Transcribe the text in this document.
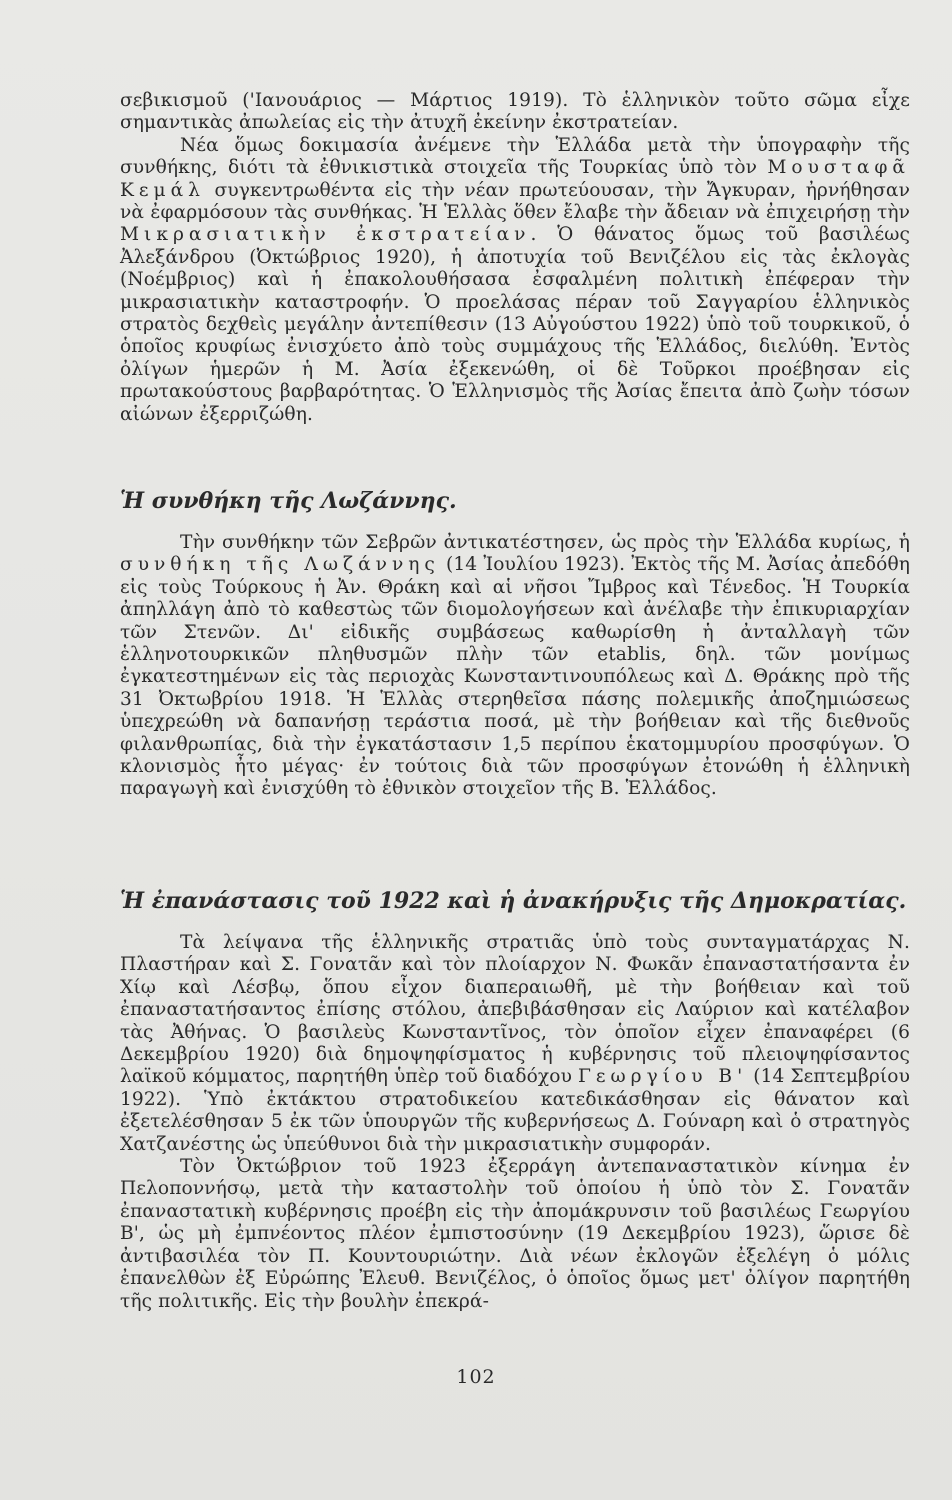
σεβικισμοῦ ('Ιανουάριος — Μάρτιος 1919). Τὸ ἑλληνικὸν τοῦτο σῶμα εἶχε σημαντικὰς ἀπωλείας εἰς τὴν ἀτυχῆ ἐκείνην ἐκστρατείαν.

Νέα ὅμως δοκιμασία ἀνέμενε τὴν Ἑλλάδα μετὰ τὴν ὑπογραφὴν τῆς συνθήκης, διότι τὰ ἐθνικιστικὰ στοιχεῖα τῆς Τουρκίας ὑπὸ τὸν Μουσταφᾶ Κεμάλ συγκεντρωθέντα εἰς τὴν νέαν πρωτεύουσαν, τὴν Ἄγκυραν, ἠρνήθησαν νὰ ἐφαρμόσουν τὰς συνθήκας. Ἡ Ἑλλὰς ὅθεν ἔλαβε τὴν ἄδειαν νὰ ἐπιχειρήσῃ τὴν Μικρασιατικὴν ἐκστρατείαν. Ὁ θάνατος ὅμως τοῦ βασιλέως Ἀλεξάνδρου (Ὀκτώβριος 1920), ἡ ἀποτυχία τοῦ Βενιζέλου εἰς τὰς ἐκλογὰς (Νοέμβριος) καὶ ἡ ἐπακολουθήσασα ἐσφαλμένη πολιτικὴ ἐπέφεραν τὴν μικρασιατικὴν καταστροφήν. Ὁ προελάσας πέραν τοῦ Σαγγαρίου ἑλληνικὸς στρατὸς δεχθεὶς μεγάλην ἀντεπίθεσιν (13 Αὐγούστου 1922) ὑπὸ τοῦ τουρκικοῦ, ὁ ὁποῖος κρυφίως ἐνισχύετο ἀπὸ τοὺς συμμάχους τῆς Ἑλλάδος, διελύθη. Ἐντὸς ὀλίγων ἡμερῶν ἡ Μ. Ἀσία ἐξεκενώθη, οἱ δὲ Τοῦρκοι προέβησαν εἰς πρωτακούστους βαρβαρότητας. Ὁ Ἑλληνισμὸς τῆς Ἀσίας ἔπειτα ἀπὸ ζωὴν τόσων αἰώνων ἐξερριζώθη.

Ἡ συνθήκη τῆς Λωζάννης.

Τὴν συνθήκην τῶν Σεβρῶν ἀντικατέστησεν, ὡς πρὸς τὴν Ἑλλάδα κυρίως, ἡ συνθήκη τῆς Λωζάννης (14 Ἰουλίου 1923). Ἐκτὸς τῆς Μ. Ἀσίας ἀπεδόθη εἰς τοὺς Τούρκους ἡ Ἀν. Θράκη καὶ αἱ νῆσοι Ἴμβρος καὶ Τένεδος. Ἡ Τουρκία ἀπηλλάγη ἀπὸ τὸ καθεστὼς τῶν διομολογήσεων καὶ ἀνέλαβε τὴν ἐπικυριαρχίαν τῶν Στενῶν. Δι' εἰδικῆς συμβάσεως καθωρίσθη ἡ ἀνταλλαγὴ τῶν ἑλληνοτουρκικῶν πληθυσμῶν πλὴν τῶν etablis, δηλ. τῶν μονίμως ἐγκατεστημένων εἰς τὰς περιοχὰς Κωνσταντινουπόλεως καὶ Δ. Θράκης πρὸ τῆς 31 Ὀκτωβρίου 1918. Ἡ Ἑλλὰς στερηθεῖσα πάσης πολεμικῆς ἀποζημιώσεως ὑπεχρεώθη νὰ δαπανήσῃ τεράστια ποσά, μὲ τὴν βοήθειαν καὶ τῆς διεθνοῦς φιλανθρωπίας, διὰ τὴν ἐγκατάστασιν 1,5 περίπου ἑκατομμυρίου προσφύγων. Ὁ κλονισμὸς ἦτο μέγας· ἐν τούτοις διὰ τῶν προσφύγων ἐτονώθη ἡ ἑλληνικὴ παραγωγὴ καὶ ἐνισχύθη τὸ ἐθνικὸν στοιχεῖον τῆς Β. Ἑλλάδος.

Ἡ ἐπανάστασις τοῦ 1922 καὶ ἡ ἀνακήρυξις τῆς Δημοκρατίας.

Τὰ λείψανα τῆς ἑλληνικῆς στρατιᾶς ὑπὸ τοὺς συνταγματάρχας Ν. Πλαστήραν καὶ Σ. Γονατᾶν καὶ τὸν πλοίαρχον Ν. Φωκᾶν ἐπαναστατήσαντα ἐν Χίῳ καὶ Λέσβῳ, ὅπου εἶχον διαπεραιωθῆ, μὲ τὴν βοήθειαν καὶ τοῦ ἐπαναστατήσαντος ἐπίσης στόλου, ἀπεβιβάσθησαν εἰς Λαύριον καὶ κατέλαβον τὰς Ἀθήνας. Ὁ βασιλεὺς Κωνσταντῖνος, τὸν ὁποῖον εἶχεν ἐπαναφέρει (6 Δεκεμβρίου 1920) διὰ δημοψηφίσματος ἡ κυβέρνησις τοῦ πλειοψηφίσαντος λαϊκοῦ κόμματος, παρητήθη ὑπὲρ τοῦ διαδόχου Γεωργίου Β' (14 Σεπτεμβρίου 1922). Ὑπὸ ἐκτάκτου στρατοδικείου κατεδικάσθησαν εἰς θάνατον καὶ ἐξετελέσθησαν 5 ἐκ τῶν ὑπουργῶν τῆς κυβερνήσεως Δ. Γούναρη καὶ ὁ στρατηγὸς Χατζανέστης ὡς ὑπεύθυνοι διὰ τὴν μικρασιατικὴν συμφοράν.

Τὸν Ὀκτώβριον τοῦ 1923 ἐξερράγη ἀντεπαναστατικὸν κίνημα ἐν Πελοποννήσῳ, μετὰ τὴν καταστολὴν τοῦ ὁποίου ἡ ὑπὸ τὸν Σ. Γονατᾶν ἐπαναστατικὴ κυβέρνησις προέβη εἰς τὴν ἀπομάκρυνσιν τοῦ βασιλέως Γεωργίου Β', ὡς μὴ ἐμπνέοντος πλέον ἐμπιστοσύνην (19 Δεκεμβρίου 1923), ὥρισε δὲ ἀντιβασιλέα τὸν Π. Κουντουριώτην. Διὰ νέων ἐκλογῶν ἐξελέγη ὁ μόλις ἐπανελθὼν ἐξ Εὐρώπης Ἐλευθ. Βενιζέλος, ὁ ὁποῖος ὅμως μετ' ὀλίγον παρητήθη τῆς πολιτικῆς. Εἰς τὴν βουλὴν ἐπεκρά-

102
